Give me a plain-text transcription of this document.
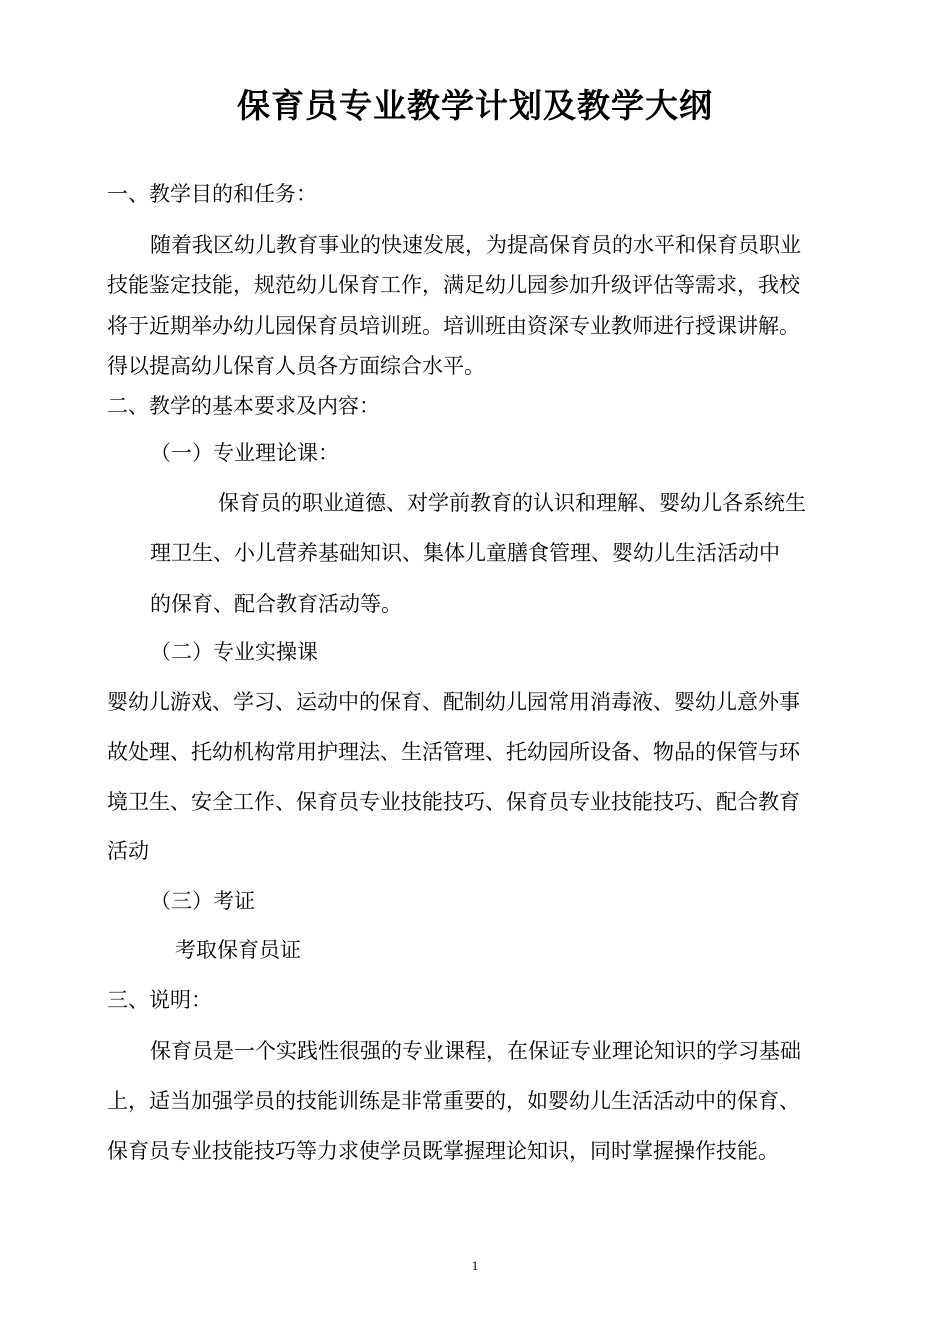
保育员专业教学计划及教学大纲

一、教学目的和任务：

随着我区幼儿教育事业的快速发展，为提高保育员的水平和保育员职业

技能鉴定技能，规范幼儿保育工作，满足幼儿园参加升级评估等需求，我校

将于近期举办幼儿园保育员培训班。培训班由资深专业教师进行授课讲解。

得以提高幼儿保育人员各方面综合水平。

二、教学的基本要求及内容：

（一）专业理论课：

保育员的职业道德、对学前教育的认识和理解、婴幼儿各系统生

理卫生、小儿营养基础知识、集体儿童膳食管理、婴幼儿生活活动中

的保育、配合教育活动等。

（二）专业实操课

婴幼儿游戏、学习、运动中的保育、配制幼儿园常用消毒液、婴幼儿意外事

故处理、托幼机构常用护理法、生活管理、托幼园所设备、物品的保管与环

境卫生、安全工作、保育员专业技能技巧、保育员专业技能技巧、配合教育

活动

（三）考证

考取保育员证

三、说明：

保育员是一个实践性很强的专业课程，在保证专业理论知识的学习基础

上，适当加强学员的技能训练是非常重要的，如婴幼儿生活活动中的保育、

保育员专业技能技巧等力求使学员既掌握理论知识，同时掌握操作技能。

1
